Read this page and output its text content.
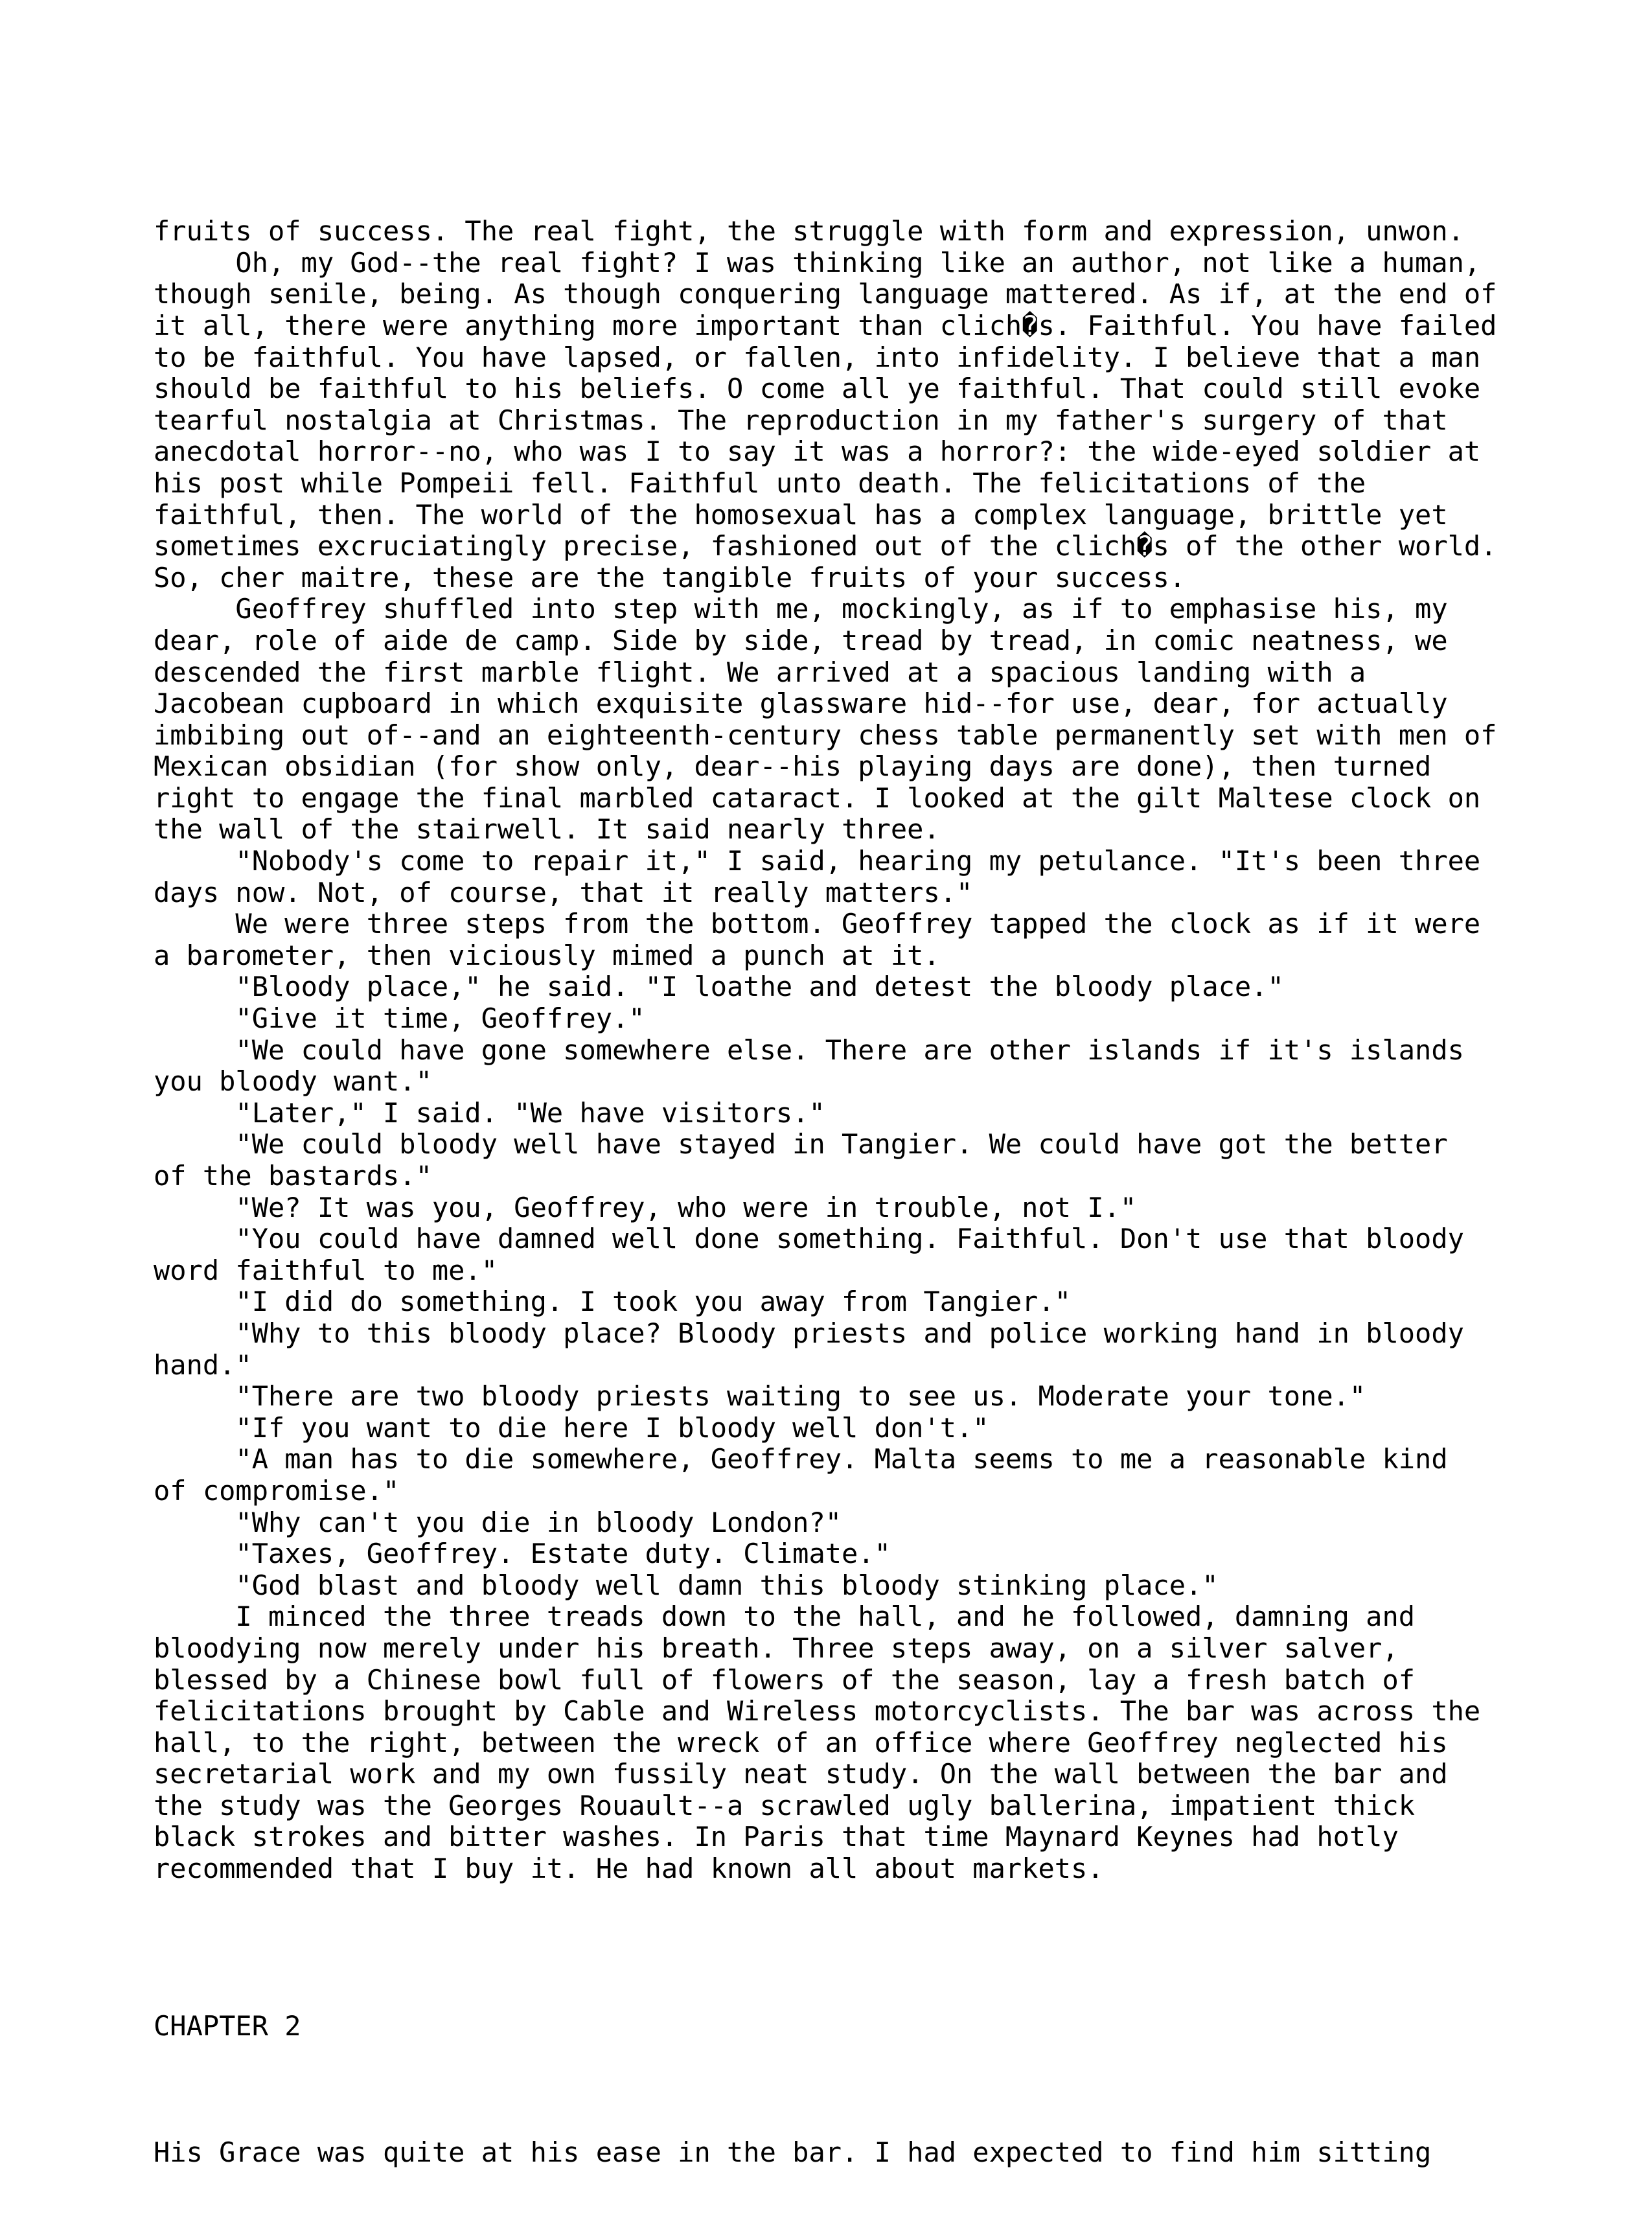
fruits of success. The real fight, the struggle with form and expression, unwon.
Oh, my God--the real fight? I was thinking like an author, not like a human,
though senile, being. As though conquering language mattered. As if, at the end of
it all, there were anything more important than clich�s. Faithful. You have failed
to be faithful. You have lapsed, or fallen, into infidelity. I believe that a man
should be faithful to his beliefs. O come all ye faithful. That could still evoke
tearful nostalgia at Christmas. The reproduction in my father's surgery of that
anecdotal horror--no, who was I to say it was a horror?: the wide-eyed soldier at
his post while Pompeii fell. Faithful unto death. The felicitations of the
faithful, then. The world of the homosexual has a complex language, brittle yet
sometimes excruciatingly precise, fashioned out of the clich�s of the other world.
So, cher maitre, these are the tangible fruits of your success.
Geoffrey shuffled into step with me, mockingly, as if to emphasise his, my
dear, role of aide de camp. Side by side, tread by tread, in comic neatness, we
descended the first marble flight. We arrived at a spacious landing with a
Jacobean cupboard in which exquisite glassware hid--for use, dear, for actually
imbibing out of--and an eighteenth-century chess table permanently set with men of
Mexican obsidian (for show only, dear--his playing days are done), then turned
right to engage the final marbled cataract. I looked at the gilt Maltese clock on
the wall of the stairwell. It said nearly three.
"Nobody's come to repair it," I said, hearing my petulance. "It's been three
days now. Not, of course, that it really matters."
We were three steps from the bottom. Geoffrey tapped the clock as if it were
a barometer, then viciously mimed a punch at it.
"Bloody place," he said. "I loathe and detest the bloody place."
"Give it time, Geoffrey."
"We could have gone somewhere else. There are other islands if it's islands
you bloody want."
"Later," I said. "We have visitors."
"We could bloody well have stayed in Tangier. We could have got the better
of the bastards."
"We? It was you, Geoffrey, who were in trouble, not I."
"You could have damned well done something. Faithful. Don't use that bloody
word faithful to me."
"I did do something. I took you away from Tangier."
"Why to this bloody place? Bloody priests and police working hand in bloody
hand."
"There are two bloody priests waiting to see us. Moderate your tone."
"If you want to die here I bloody well don't."
"A man has to die somewhere, Geoffrey. Malta seems to me a reasonable kind
of compromise."
"Why can't you die in bloody London?"
"Taxes, Geoffrey. Estate duty. Climate."
"God blast and bloody well damn this bloody stinking place."
I minced the three treads down to the hall, and he followed, damning and
bloodying now merely under his breath. Three steps away, on a silver salver,
blessed by a Chinese bowl full of flowers of the season, lay a fresh batch of
felicitations brought by Cable and Wireless motorcyclists. The bar was across the
hall, to the right, between the wreck of an office where Geoffrey neglected his
secretarial work and my own fussily neat study. On the wall between the bar and
the study was the Georges Rouault--a scrawled ugly ballerina, impatient thick
black strokes and bitter washes. In Paris that time Maynard Keynes had hotly
recommended that I buy it. He had known all about markets.

CHAPTER 2

His Grace was quite at his ease in the bar. I had expected to find him sitting
